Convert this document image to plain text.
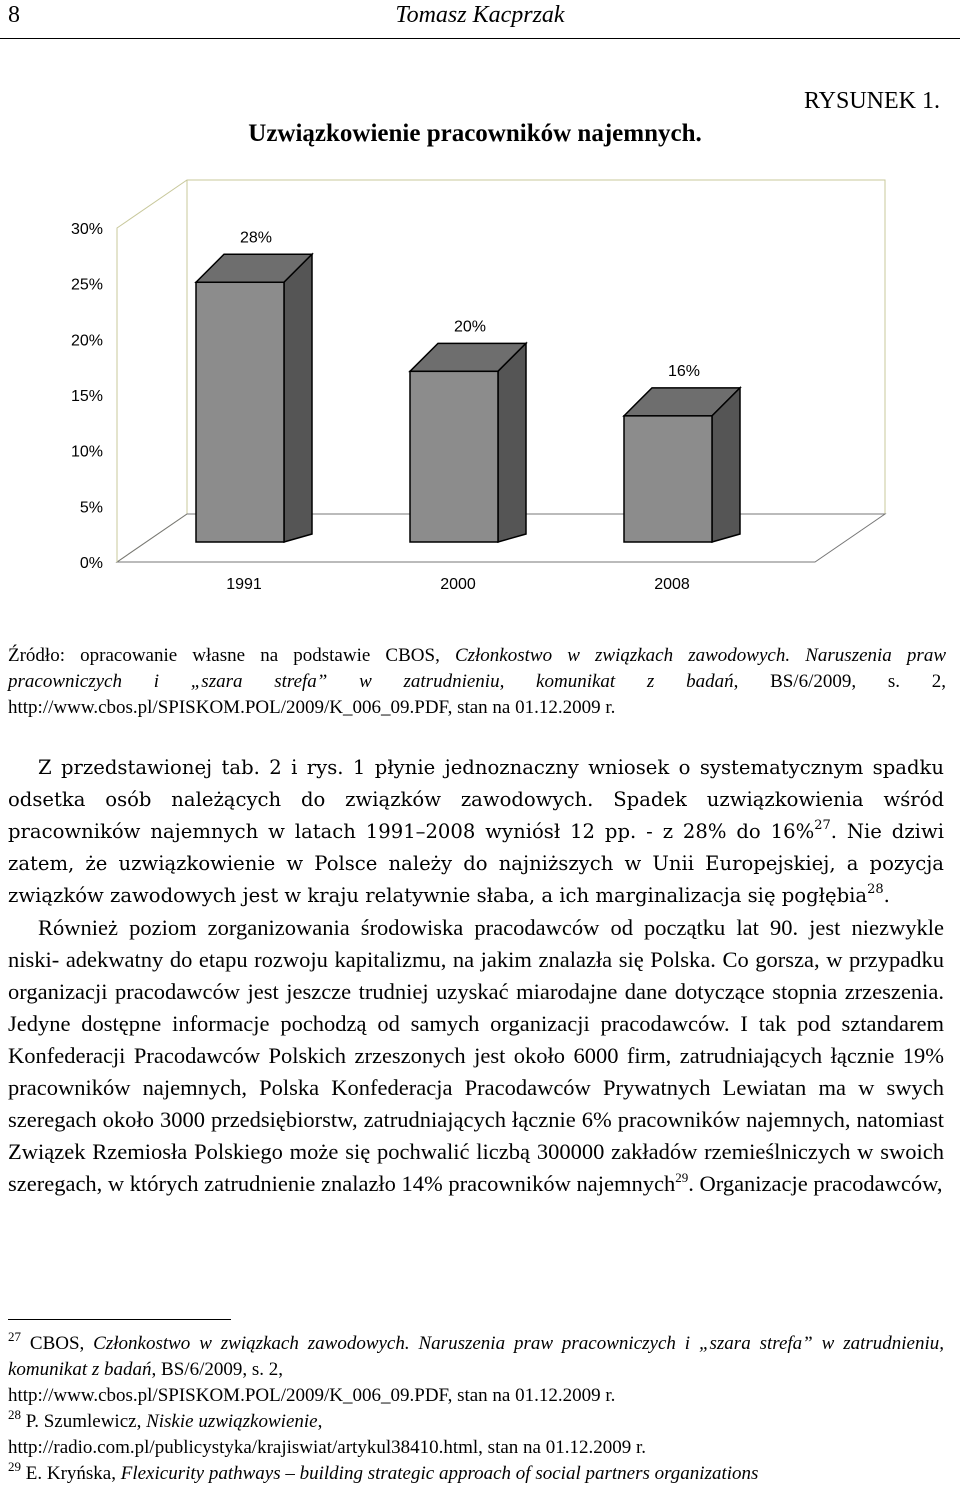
8	Tomasz Kacprzak
RYSUNEK 1.
Uzwiązkowienie pracowników najemnych.
0%
5%
10%
15%
20%
25%
30%	28%
20%
16%
1991	2000	2008
Źródło: opracowanie własne na podstawie CBOS, Członkostwo w związkach zawodowych. Naruszenia praw pracowniczych i „szara strefa” w zatrudnieniu, komunikat z badań, BS/6/2009, s. 2, http://www.cbos.pl/SPISKOM.POL/2009/K_006_09.PDF, stan na 01.12.2009 r.

Z przedstawionej tab. 2 i rys. 1 płynie jednoznaczny wniosek o systematycznym spadku odsetka osób należących do związków zawodowych. Spadek uzwiązkowienia wśród pracowników najemnych w latach 1991–2008 wyniósł 12 pp. - z 28% do 16%$^{27}$. Nie dziwi zatem, że uzwiązkowienie w Polsce należy do najniższych w Unii Europejskiej, a pozycja związków zawodowych jest w kraju relatywnie słaba, a ich marginalizacja się pogłębia$^{28}$.

Również poziom zorganizowania środowiska pracodawców od początku lat 90. jest niezwykle niski- adekwatny do etapu rozwoju kapitalizmu, na jakim znalazła się Polska. Co gorsza, w przypadku organizacji pracodawców jest jeszcze trudniej uzyskać miarodajne dane dotyczące stopnia zrzeszenia. Jedyne dostępne informacje pochodzą od samych organizacji pracodawców. I tak pod sztandarem Konfederacji Pracodawców Polskich zrzeszonych jest około 6000 firm, zatrudniających łącznie 19% pracowników najemnych, Polska Konfederacja Pracodawców Prywatnych Lewiatan ma w swych szeregach około 3000 przedsiębiorstw, zatrudniających łącznie 6% pracowników najemnych, natomiast Związek Rzemiosła Polskiego może się pochwalić liczbą 300000 zakładów rzemieślniczych w swoich szeregach, w których zatrudnienie znalazło 14% pracowników najemnych$^{29}$. Organizacje pracodawców,

$^{27}$ CBOS, Członkostwo w związkach zawodowych. Naruszenia praw pracowniczych i „szara strefa” w zatrudnieniu, komunikat z badań, BS/6/2009, s. 2,
http://www.cbos.pl/SPISKOM.POL/2009/K_006_09.PDF, stan na 01.12.2009 r.

$^{28}$ P. Szumlewicz, Niskie uzwiązkowienie,
http://radio.com.pl/publicystyka/krajiswiat/artykul38410.html, stan na 01.12.2009 r.

$^{29}$ E. Kryńska, Flexicurity pathways – building strategic approach of social partners organizations
